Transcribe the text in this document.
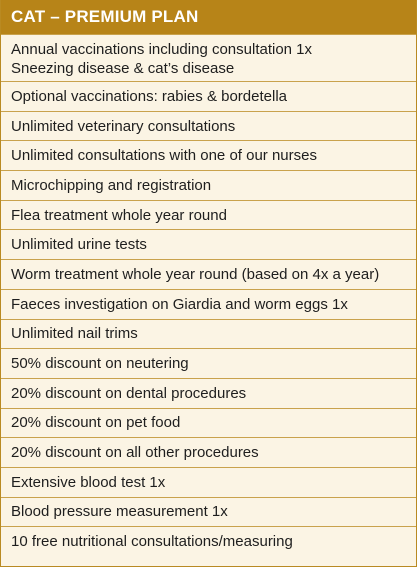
CAT – PREMIUM PLAN
Annual vaccinations including consultation 1x
Sneezing disease & cat’s disease
Optional vaccinations: rabies & bordetella
Unlimited veterinary consultations
Unlimited consultations with one of our nurses
Microchipping and registration
Flea treatment whole year round
Unlimited urine tests
Worm treatment whole year round (based on 4x a year)
Faeces investigation on Giardia and worm eggs 1x
Unlimited nail trims
50% discount on neutering
20% discount on dental procedures
20% discount on pet food
20% discount on all other procedures
Extensive blood test 1x
Blood pressure measurement 1x
10 free nutritional consultations/measuring
